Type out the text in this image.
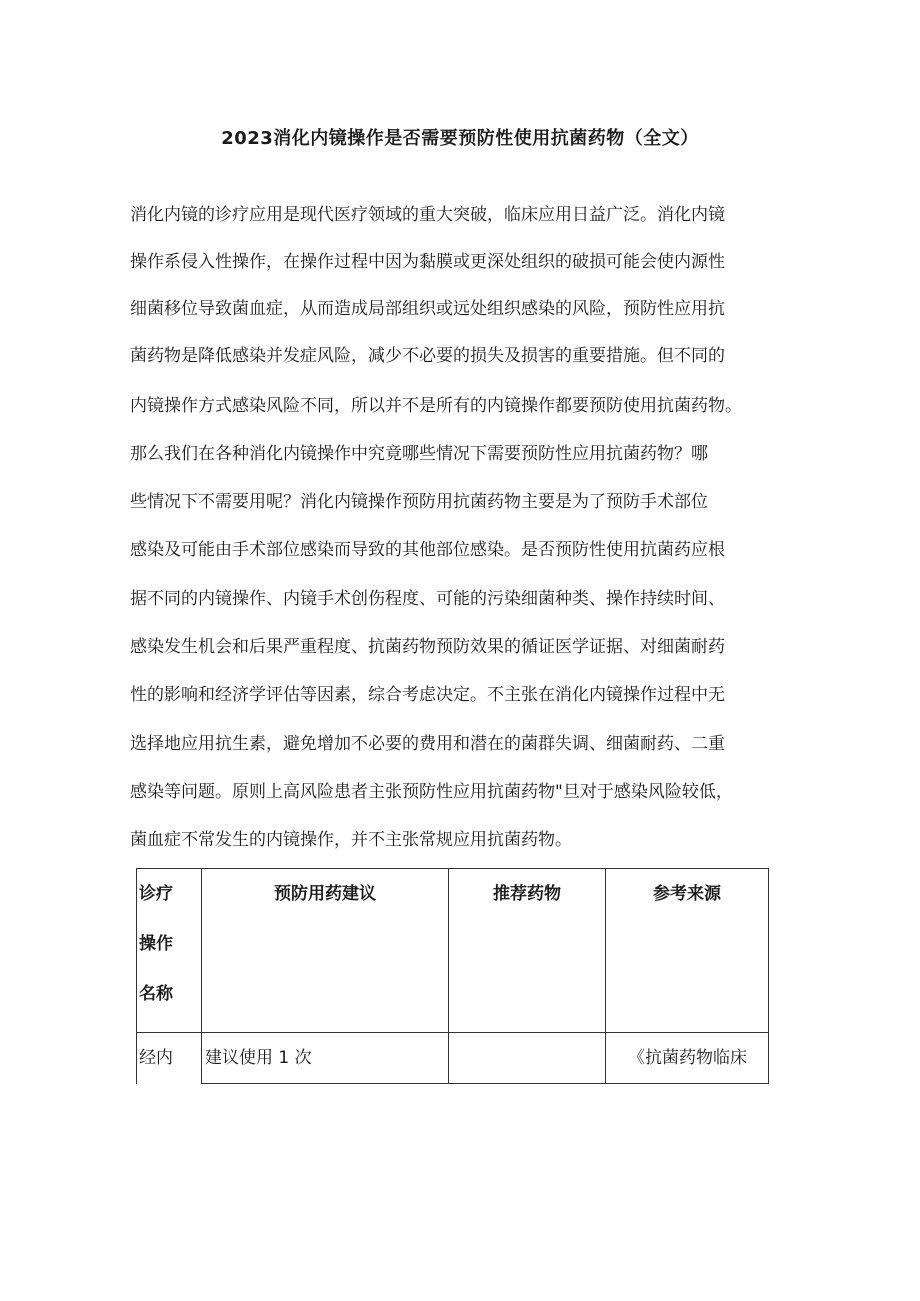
2023消化内镜操作是否需要预防性使用抗菌药物（全文）
消化内镜的诊疗应用是现代医疗领域的重大突破，临床应用日益广泛。消化内镜
操作系侵入性操作，在操作过程中因为黏膜或更深处组织的破损可能会使内源性
细菌移位导致菌血症，从而造成局部组织或远处组织感染的风险，预防性应用抗
菌药物是降低感染并发症风险，减少不必要的损失及损害的重要措施。但不同的
内镜操作方式感染风险不同，所以并不是所有的内镜操作都要预防使用抗菌药物。
那么我们在各种消化内镜操作中究竟哪些情况下需要预防性应用抗菌药物？哪
些情况下不需要用呢？消化内镜操作预防用抗菌药物主要是为了预防手术部位
感染及可能由手术部位感染而导致的其他部位感染。是否预防性使用抗菌药应根
据不同的内镜操作、内镜手术创伤程度、可能的污染细菌种类、操作持续时间、
感染发生机会和后果严重程度、抗菌药物预防效果的循证医学证据、对细菌耐药
性的影响和经济学评估等因素，综合考虑决定。不主张在消化内镜操作过程中无
选择地应用抗生素，避免增加不必要的费用和潜在的菌群失调、细菌耐药、二重
感染等问题。原则上高风险患者主张预防性应用抗菌药物"旦对于感染风险较低，
菌血症不常发生的内镜操作，并不主张常规应用抗菌药物。
诊疗
操作
名称	预防用药建议	推荐药物	参考来源

经内	建议使用 1 次		《抗菌药物临床
